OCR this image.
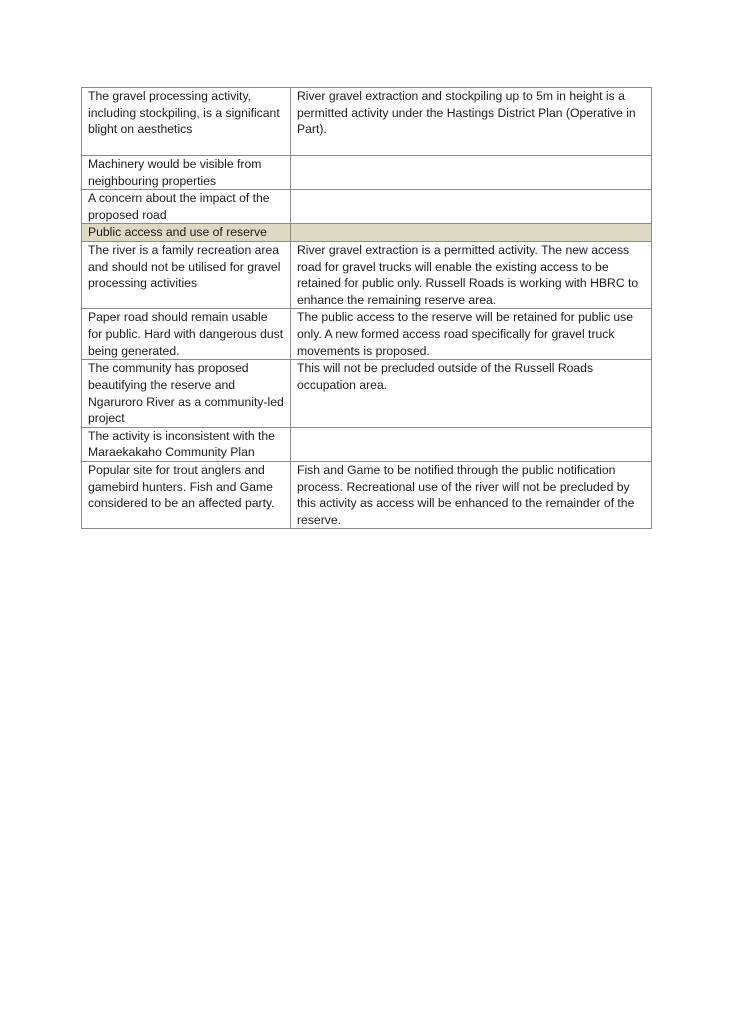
The gravel processing activity, including stockpiling, is a significant blight on aesthetics	River gravel extraction and stockpiling up to 5m in height is a permitted activity under the Hastings District Plan (Operative in Part).
Machinery would be visible from neighbouring properties	
A concern about the impact of the proposed road	
Public access and use of reserve	
The river is a family recreation area and should not be utilised for gravel processing activities	River gravel extraction is a permitted activity. The new access road for gravel trucks will enable the existing access to be retained for public only. Russell Roads is working with HBRC to enhance the remaining reserve area.
Paper road should remain usable for public. Hard with dangerous dust being generated.	The public access to the reserve will be retained for public use only. A new formed access road specifically for gravel truck movements is proposed.
The community has proposed beautifying the reserve and Ngaruroro River as a community-led project	This will not be precluded outside of the Russell Roads occupation area.
The activity is inconsistent with the Maraekakaho Community Plan	
Popular site for trout anglers and gamebird hunters. Fish and Game considered to be an affected party.	Fish and Game to be notified through the public notification process. Recreational use of the river will not be precluded by this activity as access will be enhanced to the remainder of the reserve.
